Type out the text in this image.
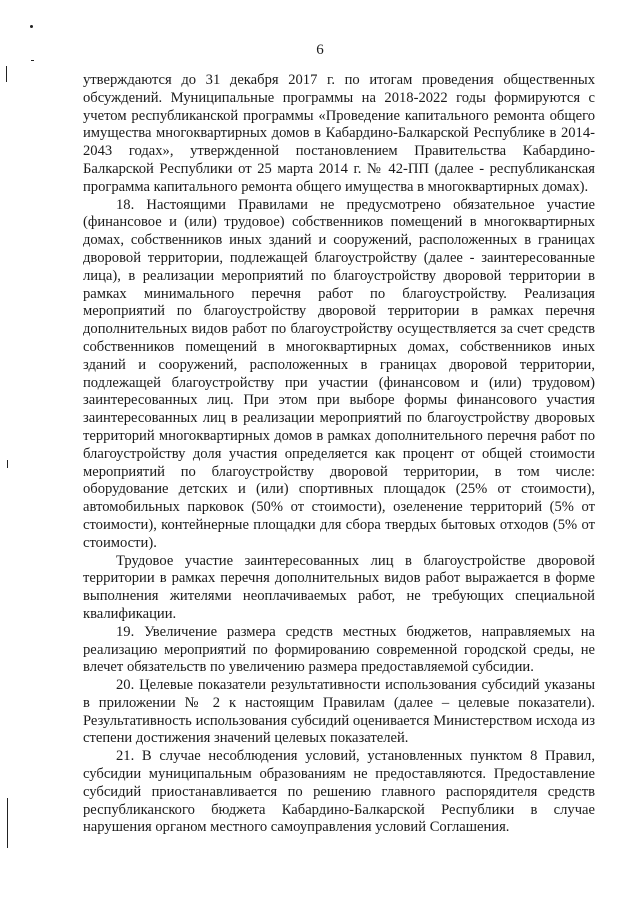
6

утверждаются до 31 декабря 2017 г. по итогам проведения общественных обсуждений. Муниципальные программы на 2018-2022 годы формируются с учетом республиканской программы «Проведение капитального ремонта общего имущества многоквартирных домов в Кабардино-Балкарской Республике в 2014-2043 годах», утвержденной постановлением Правительства Кабардино-Балкарской Республики от 25 марта 2014 г. № 42-ПП (далее - республиканская программа капитального ремонта общего имущества в многоквартирных домах).

18. Настоящими Правилами не предусмотрено обязательное участие (финансовое и (или) трудовое) собственников помещений в многоквартирных домах, собственников иных зданий и сооружений, расположенных в границах дворовой территории, подлежащей благоустройству (далее - заинтересованные лица), в реализации мероприятий по благоустройству дворовой территории в рамках минимального перечня работ по благоустройству. Реализация мероприятий по благоустройству дворовой территории в рамках перечня дополнительных видов работ по благоустройству осуществляется за счет средств собственников помещений в многоквартирных домах, собственников иных зданий и сооружений, расположенных в границах дворовой территории, подлежащей благоустройству при участии (финансовом и (или) трудовом) заинтересованных лиц. При этом при выборе формы финансового участия заинтересованных лиц в реализации мероприятий по благоустройству дворовых территорий многоквартирных домов в рамках дополнительного перечня работ по благоустройству доля участия определяется как процент от общей стоимости мероприятий по благоустройству дворовой территории, в том числе: оборудование детских и (или) спортивных площадок (25% от стоимости), автомобильных парковок (50% от стоимости), озеленение территорий (5% от стоимости), контейнерные площадки для сбора твердых бытовых отходов (5% от стоимости).

Трудовое участие заинтересованных лиц в благоустройстве дворовой территории в рамках перечня дополнительных видов работ выражается в форме выполнения жителями неоплачиваемых работ, не требующих специальной квалификации.

19. Увеличение размера средств местных бюджетов, направляемых на реализацию мероприятий по формированию современной городской среды, не влечет обязательств по увеличению размера предоставляемой субсидии.

20. Целевые показатели результативности использования субсидий указаны в приложении № 2 к настоящим Правилам (далее – целевые показатели). Результативность использования субсидий оценивается Министерством исхода из степени достижения значений целевых показателей.

21. В случае несоблюдения условий, установленных пунктом 8 Правил, субсидии муниципальным образованиям не предоставляются. Предоставление субсидий приостанавливается по решению главного распорядителя средств республиканского бюджета Кабардино-Балкарской Республики в случае нарушения органом местного самоуправления условий Соглашения.
